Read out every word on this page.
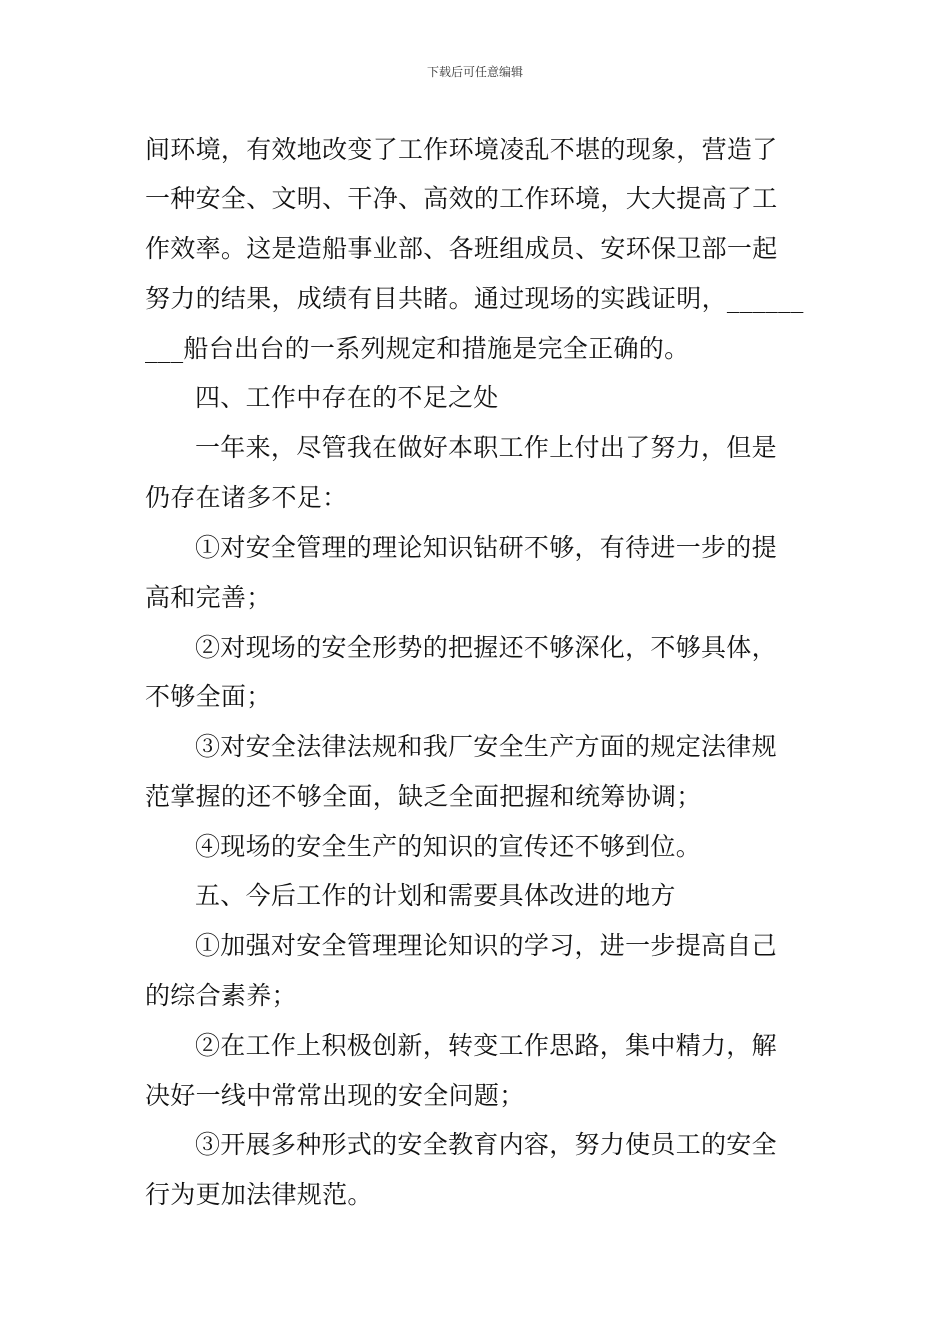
下载后可任意编辑
间环境，有效地改变了工作环境凌乱不堪的现象，营造了
一种安全、文明、干净、高效的工作环境，大大提高了工
作效率。这是造船事业部、各班组成员、安环保卫部一起
努力的结果，成绩有目共睹。通过现场的实践证明，______
___船台出台的一系列规定和措施是完全正确的。
四、工作中存在的不足之处
一年来，尽管我在做好本职工作上付出了努力，但是
仍存在诸多不足：
①对安全管理的理论知识钻研不够，有待进一步的提
高和完善；
②对现场的安全形势的把握还不够深化，不够具体，
不够全面；
③对安全法律法规和我厂安全生产方面的规定法律规
范掌握的还不够全面，缺乏全面把握和统筹协调；
④现场的安全生产的知识的宣传还不够到位。
五、今后工作的计划和需要具体改进的地方
①加强对安全管理理论知识的学习，进一步提高自己
的综合素养；
②在工作上积极创新，转变工作思路，集中精力，解
决好一线中常常出现的安全问题；
③开展多种形式的安全教育内容，努力使员工的安全
行为更加法律规范。
